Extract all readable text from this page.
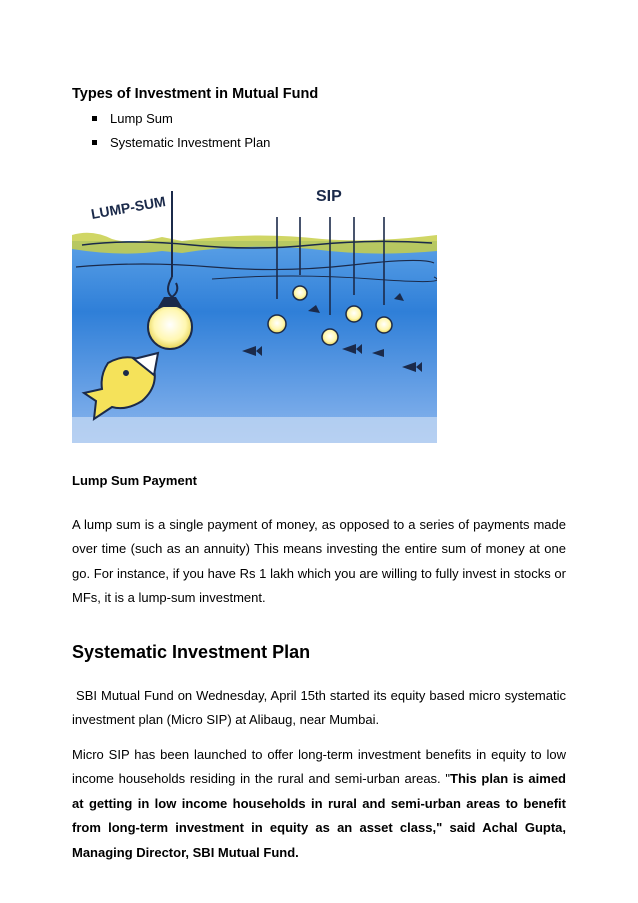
Types of Investment in Mutual Fund
Lump Sum
Systematic Investment Plan
LUMP-SUM	SIP
Lump Sum Payment

A lump sum is a single payment of money, as opposed to a series of payments made over time (such as an annuity) This means investing the entire sum of money at one go. For instance, if you have Rs 1 lakh which you are willing to fully invest in stocks or MFs, it is a lump-sum investment.

Systematic Investment Plan

SBI Mutual Fund on Wednesday, April 15th started its equity based micro systematic investment plan (Micro SIP) at Alibaug, near Mumbai.

Micro SIP has been launched to offer long-term investment benefits in equity to low income households residing in the rural and semi-urban areas. "This plan is aimed at getting in low income households in rural and semi-urban areas to benefit from long-term investment in equity as an asset class," said Achal Gupta, Managing Director, SBI Mutual Fund.
